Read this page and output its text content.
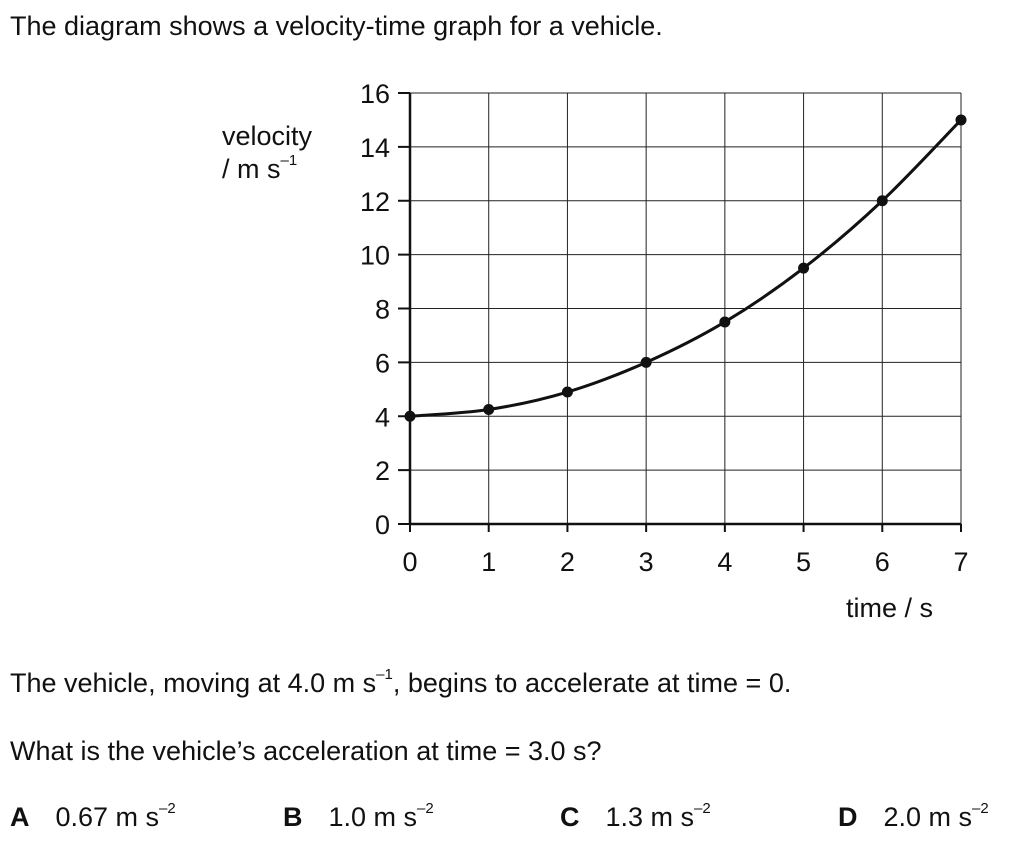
The diagram shows a velocity-time graph for a vehicle.
0 1 2 3 4 5 6 7
0
2
4
6
8
10
12
14
16
velocity
/ m $s^{-1}$
time / s
The vehicle, moving at 4.0 m $s^{-1}$, begins to accelerate at time = 0.
What is the vehicle’s acceleration at time = 3.0 s?
A 0.67 m $s^{-2}$	B 1.0 m $s^{-2}$	C 1.3 m $s^{-2}$	D 2.0 m $s^{-2}$
